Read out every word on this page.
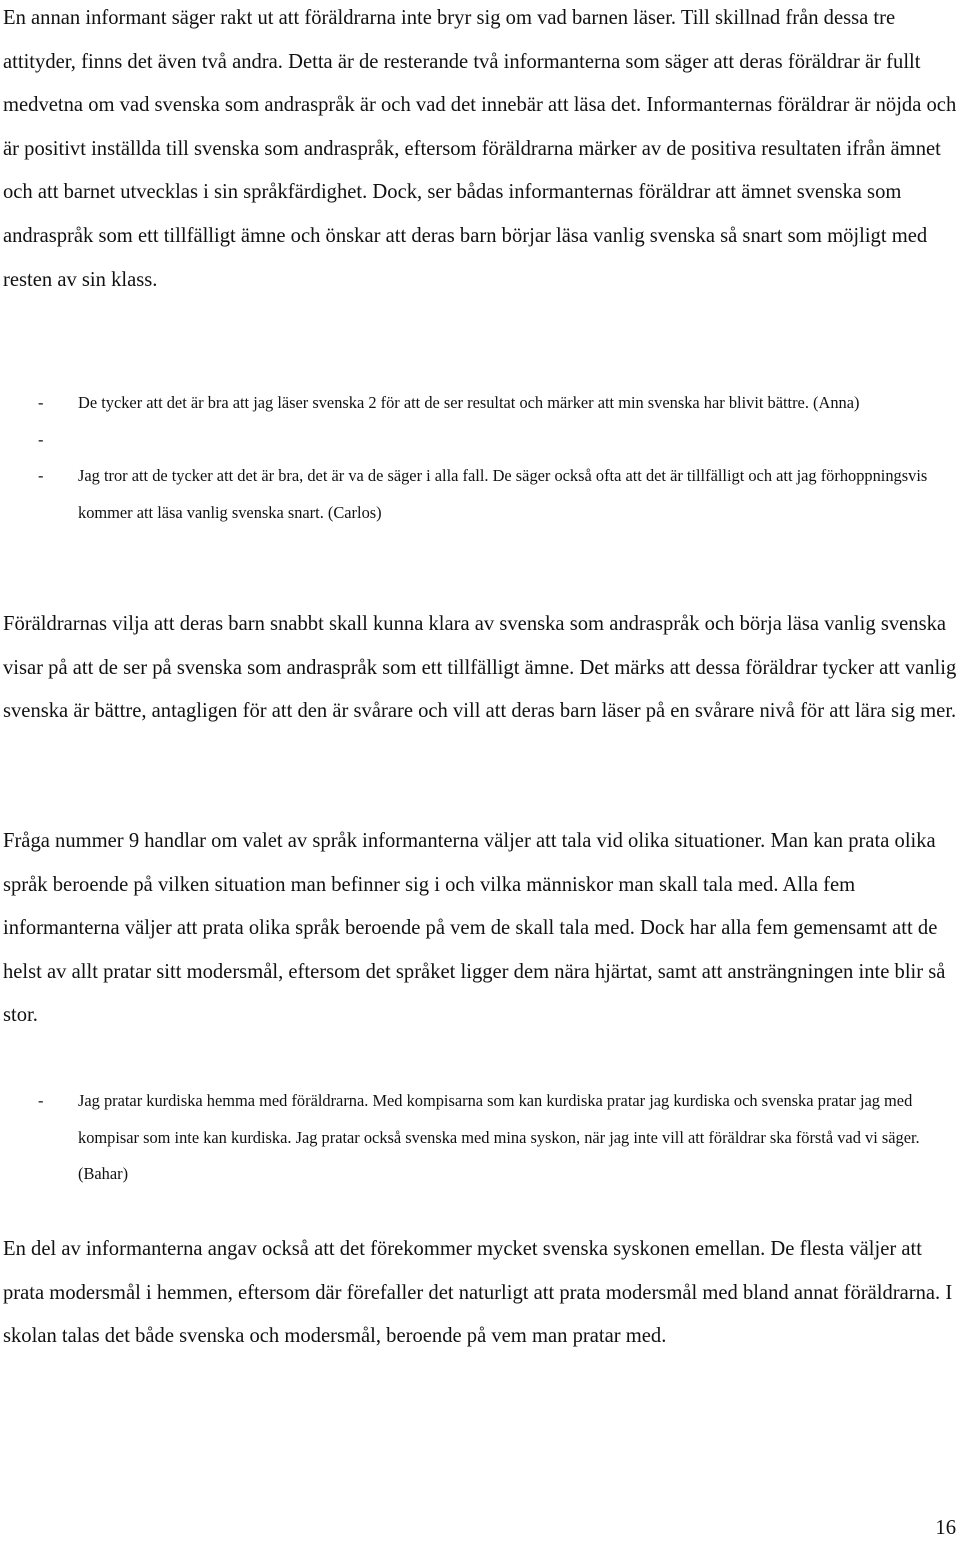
En annan informant säger rakt ut att föräldrarna inte bryr sig om vad barnen läser. Till skillnad från dessa tre attityder, finns det även två andra. Detta är de resterande två informanterna som säger att deras föräldrar är fullt medvetna om vad svenska som andraspråk är och vad det innebär att läsa det. Informanternas föräldrar är nöjda och är positivt inställda till svenska som andraspråk, eftersom föräldrarna märker av de positiva resultaten ifrån ämnet och att barnet utvecklas i sin språkfärdighet. Dock, ser bådas informanternas föräldrar att ämnet svenska som andraspråk som ett tillfälligt ämne och önskar att deras barn börjar läsa vanlig svenska så snart som möjligt med resten av sin klass.

- De tycker att det är bra att jag läser svenska 2 för att de ser resultat och märker att min svenska har blivit bättre. (Anna)
-

- Jag tror att de tycker att det är bra, det är va de säger i alla fall. De säger också ofta att det är tillfälligt och att jag förhoppningsvis kommer att läsa vanlig svenska snart. (Carlos)

Föräldrarnas vilja att deras barn snabbt skall kunna klara av svenska som andraspråk och börja läsa vanlig svenska visar på att de ser på svenska som andraspråk som ett tillfälligt ämne. Det märks att dessa föräldrar tycker att vanlig svenska är bättre, antagligen för att den är svårare och vill att deras barn läser på en svårare nivå för att lära sig mer.

Fråga nummer 9 handlar om valet av språk informanterna väljer att tala vid olika situationer. Man kan prata olika språk beroende på vilken situation man befinner sig i och vilka människor man skall tala med. Alla fem informanterna väljer att prata olika språk beroende på vem de skall tala med. Dock har alla fem gemensamt att de helst av allt pratar sitt modersmål, eftersom det språket ligger dem nära hjärtat, samt att ansträngningen inte blir så stor.

- Jag pratar kurdiska hemma med föräldrarna. Med kompisarna som kan kurdiska pratar jag kurdiska och svenska pratar jag med kompisar som inte kan kurdiska. Jag pratar också svenska med mina syskon, när jag inte vill att föräldrar ska förstå vad vi säger. (Bahar)

En del av informanterna angav också att det förekommer mycket svenska syskonen emellan. De flesta väljer att prata modersmål i hemmen, eftersom där förefaller det naturligt att prata modersmål med bland annat föräldrarna. I skolan talas det både svenska och modersmål, beroende på vem man pratar med.

16
